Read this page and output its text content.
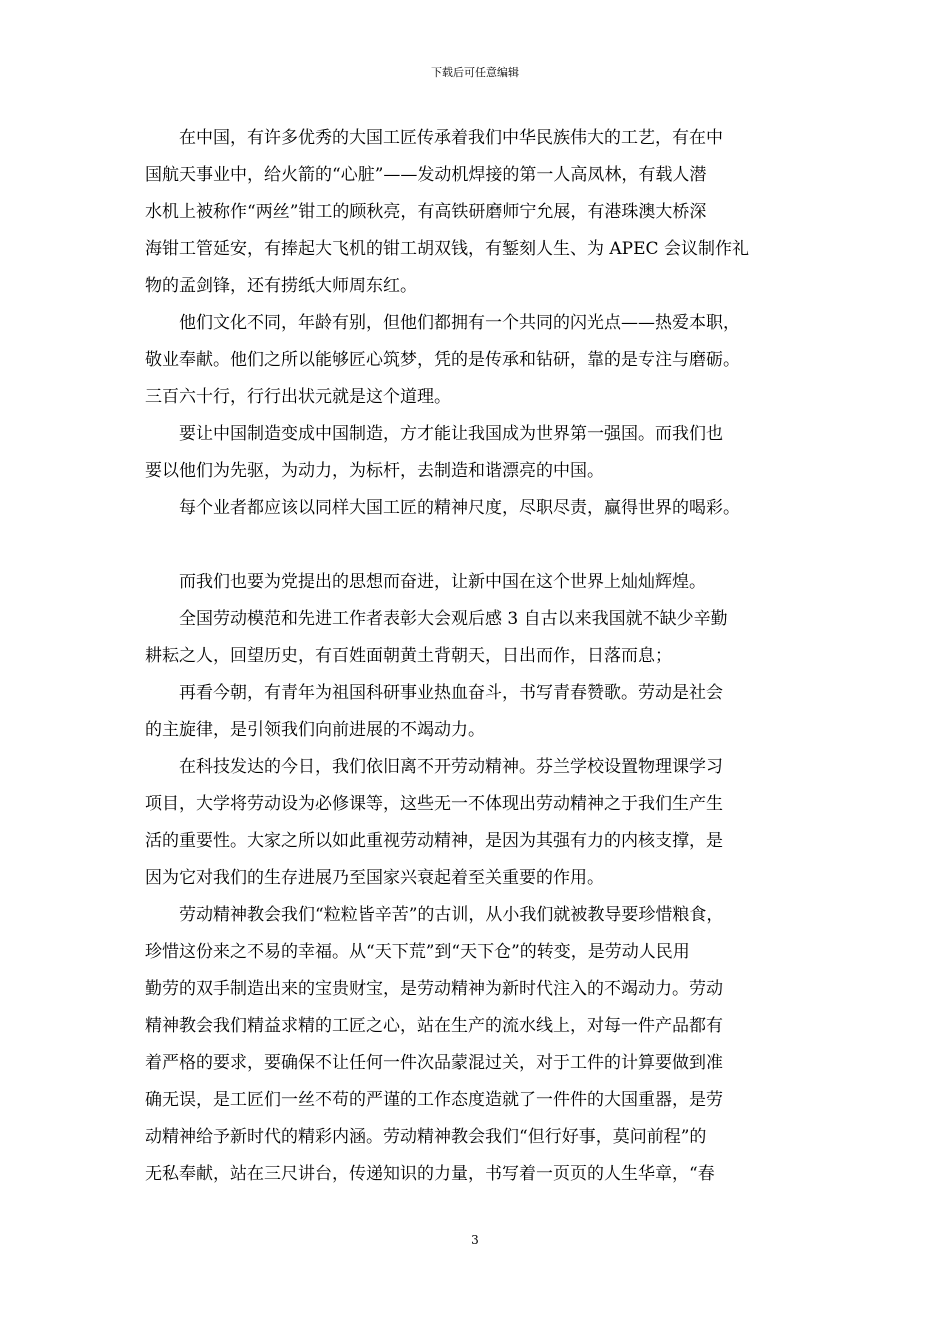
下载后可任意编辑

在中国，有许多优秀的大国工匠传承着我们中华民族伟大的工艺，有在中
国航天事业中，给火箭的“心脏”——发动机焊接的第一人高凤林，有载人潜
水机上被称作“两丝”钳工的顾秋亮，有高铁研磨师宁允展，有港珠澳大桥深
海钳工管延安，有捧起大飞机的钳工胡双钱，有錾刻人生、为 APEC 会议制作礼
物的孟剑锋，还有捞纸大师周东红。

他们文化不同，年龄有别，但他们都拥有一个共同的闪光点——热爱本职，
敬业奉献。他们之所以能够匠心筑梦，凭的是传承和钻研，靠的是专注与磨砺。
三百六十行，行行出状元就是这个道理。

要让中国制造变成中国制造，方才能让我国成为世界第一强国。而我们也
要以他们为先驱，为动力，为标杆，去制造和谐漂亮的中国。

每个业者都应该以同样大国工匠的精神尺度，尽职尽责，赢得世界的喝彩。

而我们也要为党提出的思想而奋进，让新中国在这个世界上灿灿辉煌。

全国劳动模范和先进工作者表彰大会观后感 3 自古以来我国就不缺少辛勤
耕耘之人，回望历史，有百姓面朝黄土背朝天，日出而作，日落而息；

再看今朝，有青年为祖国科研事业热血奋斗，书写青春赞歌。劳动是社会
的主旋律，是引领我们向前进展的不竭动力。

在科技发达的今日，我们依旧离不开劳动精神。芬兰学校设置物理课学习
项目，大学将劳动设为必修课等，这些无一不体现出劳动精神之于我们生产生
活的重要性。大家之所以如此重视劳动精神，是因为其强有力的内核支撑，是
因为它对我们的生存进展乃至国家兴衰起着至关重要的作用。

劳动精神教会我们“粒粒皆辛苦”的古训，从小我们就被教导要珍惜粮食，
珍惜这份来之不易的幸福。从“天下荒”到“天下仓”的转变，是劳动人民用
勤劳的双手制造出来的宝贵财宝，是劳动精神为新时代注入的不竭动力。劳动
精神教会我们精益求精的工匠之心，站在生产的流水线上，对每一件产品都有
着严格的要求，要确保不让任何一件次品蒙混过关，对于工件的计算要做到准
确无误，是工匠们一丝不苟的严谨的工作态度造就了一件件的大国重器，是劳
动精神给予新时代的精彩内涵。劳动精神教会我们“但行好事，莫问前程”的
无私奉献，站在三尺讲台，传递知识的力量，书写着一页页的人生华章，“春

3
